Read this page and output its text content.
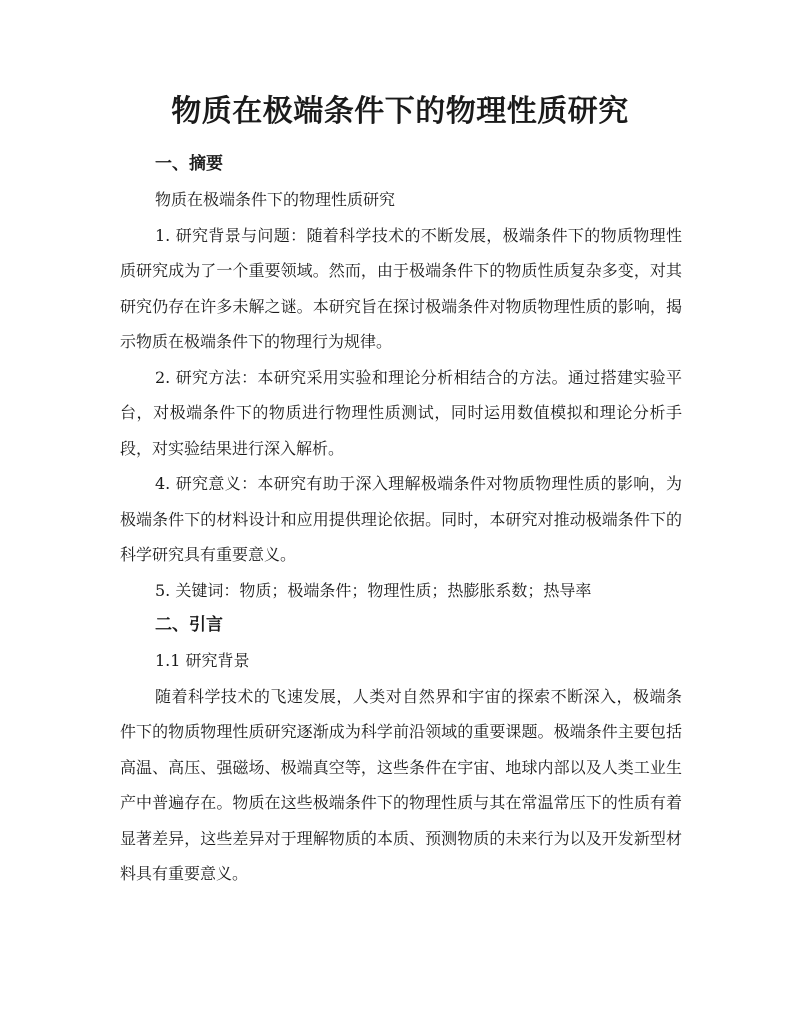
物质在极端条件下的物理性质研究
一、摘要

物质在极端条件下的物理性质研究

1. 研究背景与问题：随着科学技术的不断发展，极端条件下的物质物理性质研究成为了一个重要领域。然而，由于极端条件下的物质性质复杂多变，对其研究仍存在许多未解之谜。本研究旨在探讨极端条件对物质物理性质的影响，揭示物质在极端条件下的物理行为规律。

2. 研究方法：本研究采用实验和理论分析相结合的方法。通过搭建实验平台，对极端条件下的物质进行物理性质测试，同时运用数值模拟和理论分析手段，对实验结果进行深入解析。

4. 研究意义：本研究有助于深入理解极端条件对物质物理性质的影响，为极端条件下的材料设计和应用提供理论依据。同时，本研究对推动极端条件下的科学研究具有重要意义。

5. 关键词：物质；极端条件；物理性质；热膨胀系数；热导率

二、引言

1.1 研究背景

随着科学技术的飞速发展，人类对自然界和宇宙的探索不断深入，极端条件下的物质物理性质研究逐渐成为科学前沿领域的重要课题。极端条件主要包括高温、高压、强磁场、极端真空等，这些条件在宇宙、地球内部以及人类工业生产中普遍存在。物质在这些极端条件下的物理性质与其在常温常压下的性质有着显著差异，这些差异对于理解物质的本质、预测物质的未来行为以及开发新型材料具有重要意义。
